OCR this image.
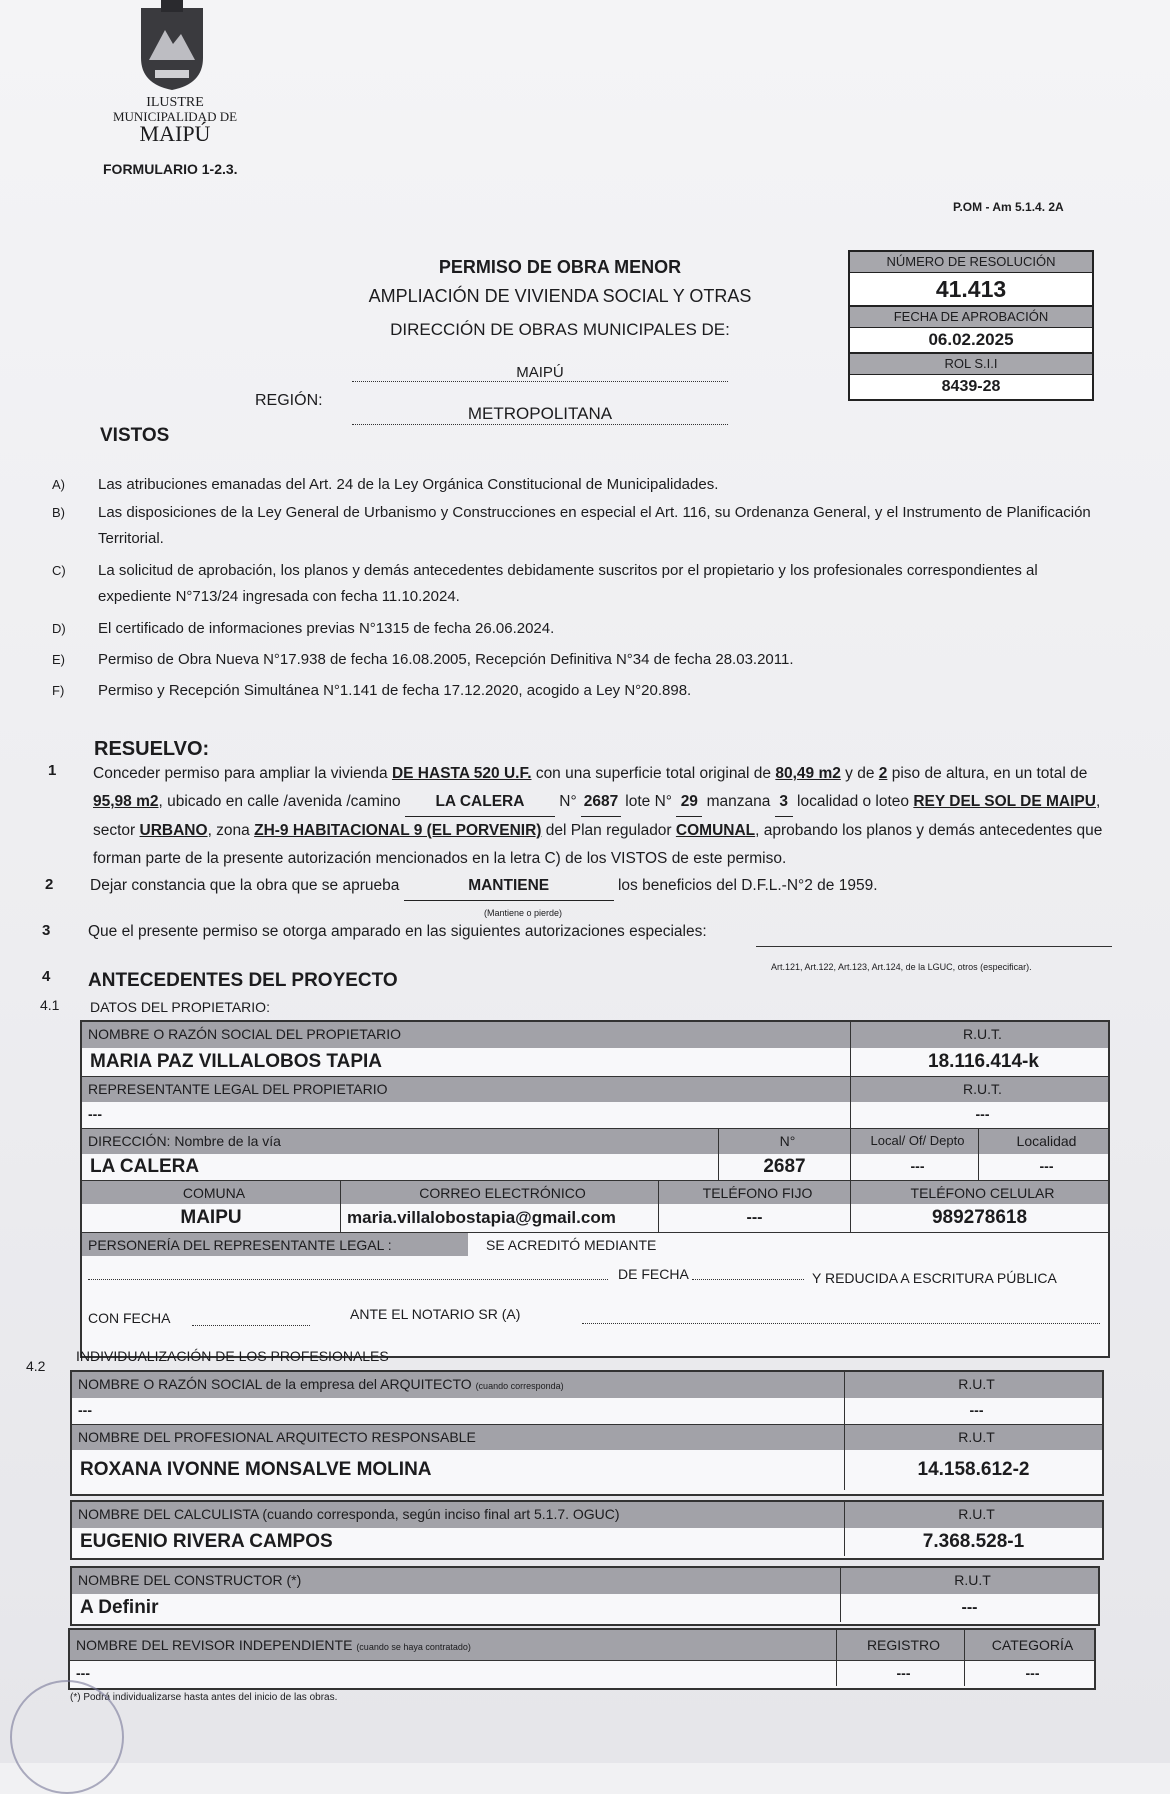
ILUSTRE
MUNICIPALIDAD DE
MAIPÚ
FORMULARIO 1-2.3.
P.OM - Am 5.1.4. 2A
PERMISO DE OBRA MENOR
AMPLIACIÓN DE VIVIENDA SOCIAL Y OTRAS
DIRECCIÓN DE OBRAS MUNICIPALES DE:
MAIPÚ
REGIÓN:
METROPOLITANA
NÚMERO DE RESOLUCIÓN
41.413
FECHA DE APROBACIÓN
06.02.2025
ROL S.I.I
8439-28
VISTOS
A)	Las atribuciones emanadas del Art. 24 de la Ley Orgánica Constitucional de Municipalidades.
B)	Las disposiciones de la Ley General de Urbanismo y Construcciones en especial el Art. 116, su Ordenanza General, y el Instrumento de Planificación Territorial.
C)	La solicitud de aprobación, los planos y demás antecedentes debidamente suscritos por el propietario y los profesionales correspondientes al expediente N°713/24 ingresada con fecha 11.10.2024.
D)	El certificado de informaciones previas N°1315 de fecha 26.06.2024.
E)	Permiso de Obra Nueva N°17.938 de fecha 16.08.2005, Recepción Definitiva N°34 de fecha 28.03.2011.
F)	Permiso y Recepción Simultánea N°1.141 de fecha 17.12.2020, acogido a Ley N°20.898.
RESUELVO:
1 Conceder permiso para ampliar la vivienda DE HASTA 520 U.F. con una superficie total original de 80,49 m2 y de 2 piso de altura, en un total de 95,98 m2, ubicado en calle /avenida /camino LA CALERA N° 2687 lote N° 29 manzana 3 localidad o loteo REY DEL SOL DE MAIPU, sector URBANO, zona ZH-9 HABITACIONAL 9 (EL PORVENIR) del Plan regulador COMUNAL, aprobando los planos y demás antecedentes que forman parte de la presente autorización mencionados en la letra C) de los VISTOS de este permiso.
2 Dejar constancia que la obra que se aprueba	MANTIENE	los beneficios del D.F.L.-N°2 de 1959.
(Mantiene o pierde)
3 Que el presente permiso se otorga amparado en las siguientes autorizaciones especiales:
Art.121, Art.122, Art.123, Art.124, de la LGUC, otros (especificar).
4 ANTECEDENTES DEL PROYECTO
4.1 DATOS DEL PROPIETARIO:
NOMBRE O RAZÓN SOCIAL DEL PROPIETARIO	R.U.T.
MARIA PAZ VILLALOBOS TAPIA	18.116.414-k
REPRESENTANTE LEGAL DEL PROPIETARIO	R.U.T.
---	---
DIRECCIÓN: Nombre de la vía	N°	Local/ Of/ Depto	Localidad
LA CALERA	2687	---	---
COMUNA	CORREO ELECTRÓNICO	TELÉFONO FIJO	TELÉFONO CELULAR
MAIPU	maria.villalobostapia@gmail.com	---	989278618
PERSONERÍA DEL REPRESENTANTE LEGAL :	SE ACREDITÓ MEDIANTE
DE FECHA	Y REDUCIDA A ESCRITURA PÚBLICA
CON FECHA	ANTE EL NOTARIO SR (A)
4.2
INDIVIDUALIZACIÓN DE LOS PROFESIONALES
NOMBRE O RAZÓN SOCIAL de la empresa del ARQUITECTO (cuando corresponda)	R.U.T
---	---
NOMBRE DEL PROFESIONAL ARQUITECTO RESPONSABLE	R.U.T
ROXANA IVONNE MONSALVE MOLINA	14.158.612-2
NOMBRE DEL CALCULISTA (cuando corresponda, según inciso final art 5.1.7. OGUC)	R.U.T
EUGENIO RIVERA CAMPOS	7.368.528-1
NOMBRE DEL CONSTRUCTOR (*)	R.U.T
A Definir	---
NOMBRE DEL REVISOR INDEPENDIENTE (cuando se haya contratado)	REGISTRO	CATEGORÍA
---	---	---
(*) Podrá individualizarse hasta antes del inicio de las obras.
